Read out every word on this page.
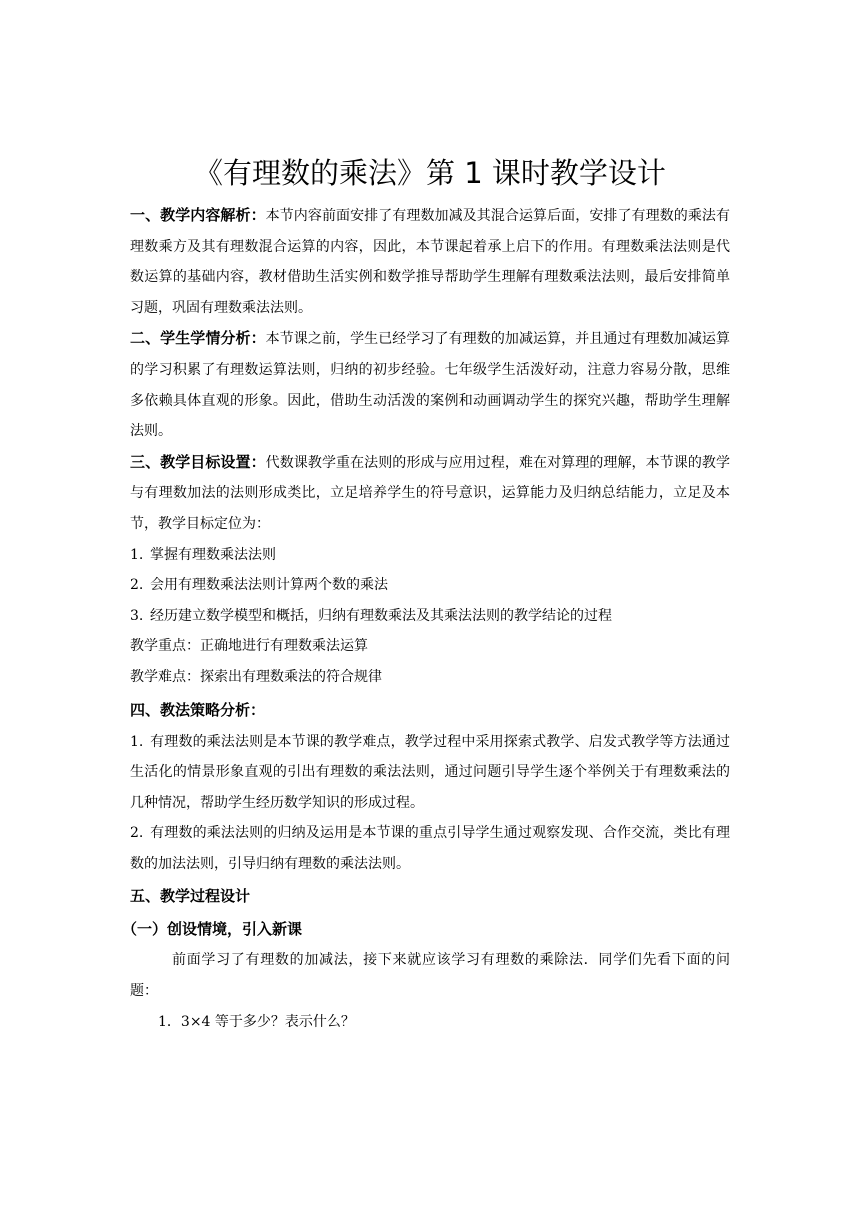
《有理数的乘法》第 1 课时教学设计

一、教学内容解析：本节内容前面安排了有理数加减及其混合运算后面，安排了有理数的乘法有理数乘方及其有理数混合运算的内容，因此，本节课起着承上启下的作用。有理数乘法法则是代数运算的基础内容，教材借助生活实例和数学推导帮助学生理解有理数乘法法则，最后安排简单习题，巩固有理数乘法法则。

二、学生学情分析：本节课之前，学生已经学习了有理数的加减运算，并且通过有理数加减运算的学习积累了有理数运算法则，归纳的初步经验。七年级学生活泼好动，注意力容易分散，思维多依赖具体直观的形象。因此，借助生动活泼的案例和动画调动学生的探究兴趣，帮助学生理解法则。

三、教学目标设置：代数课教学重在法则的形成与应用过程，难在对算理的理解，本节课的教学与有理数加法的法则形成类比，立足培养学生的符号意识，运算能力及归纳总结能力，立足及本节，教学目标定位为：

1. 掌握有理数乘法法则

2. 会用有理数乘法法则计算两个数的乘法

3. 经历建立数学模型和概括，归纳有理数乘法及其乘法法则的教学结论的过程

教学重点：正确地进行有理数乘法运算

教学难点：探索出有理数乘法的符合规律

四、教法策略分析：

1. 有理数的乘法法则是本节课的教学难点，教学过程中采用探索式教学、启发式教学等方法通过生活化的情景形象直观的引出有理数的乘法法则，通过问题引导学生逐个举例关于有理数乘法的几种情况，帮助学生经历数学知识的形成过程。

2. 有理数的乘法法则的归纳及运用是本节课的重点引导学生通过观察发现、合作交流，类比有理数的加法法则，引导归纳有理数的乘法法则。

五、教学过程设计

（一）创设情境，引入新课

前面学习了有理数的加减法，接下来就应该学习有理数的乘除法．同学们先看下面的问题：

1．3×4 等于多少？表示什么？
